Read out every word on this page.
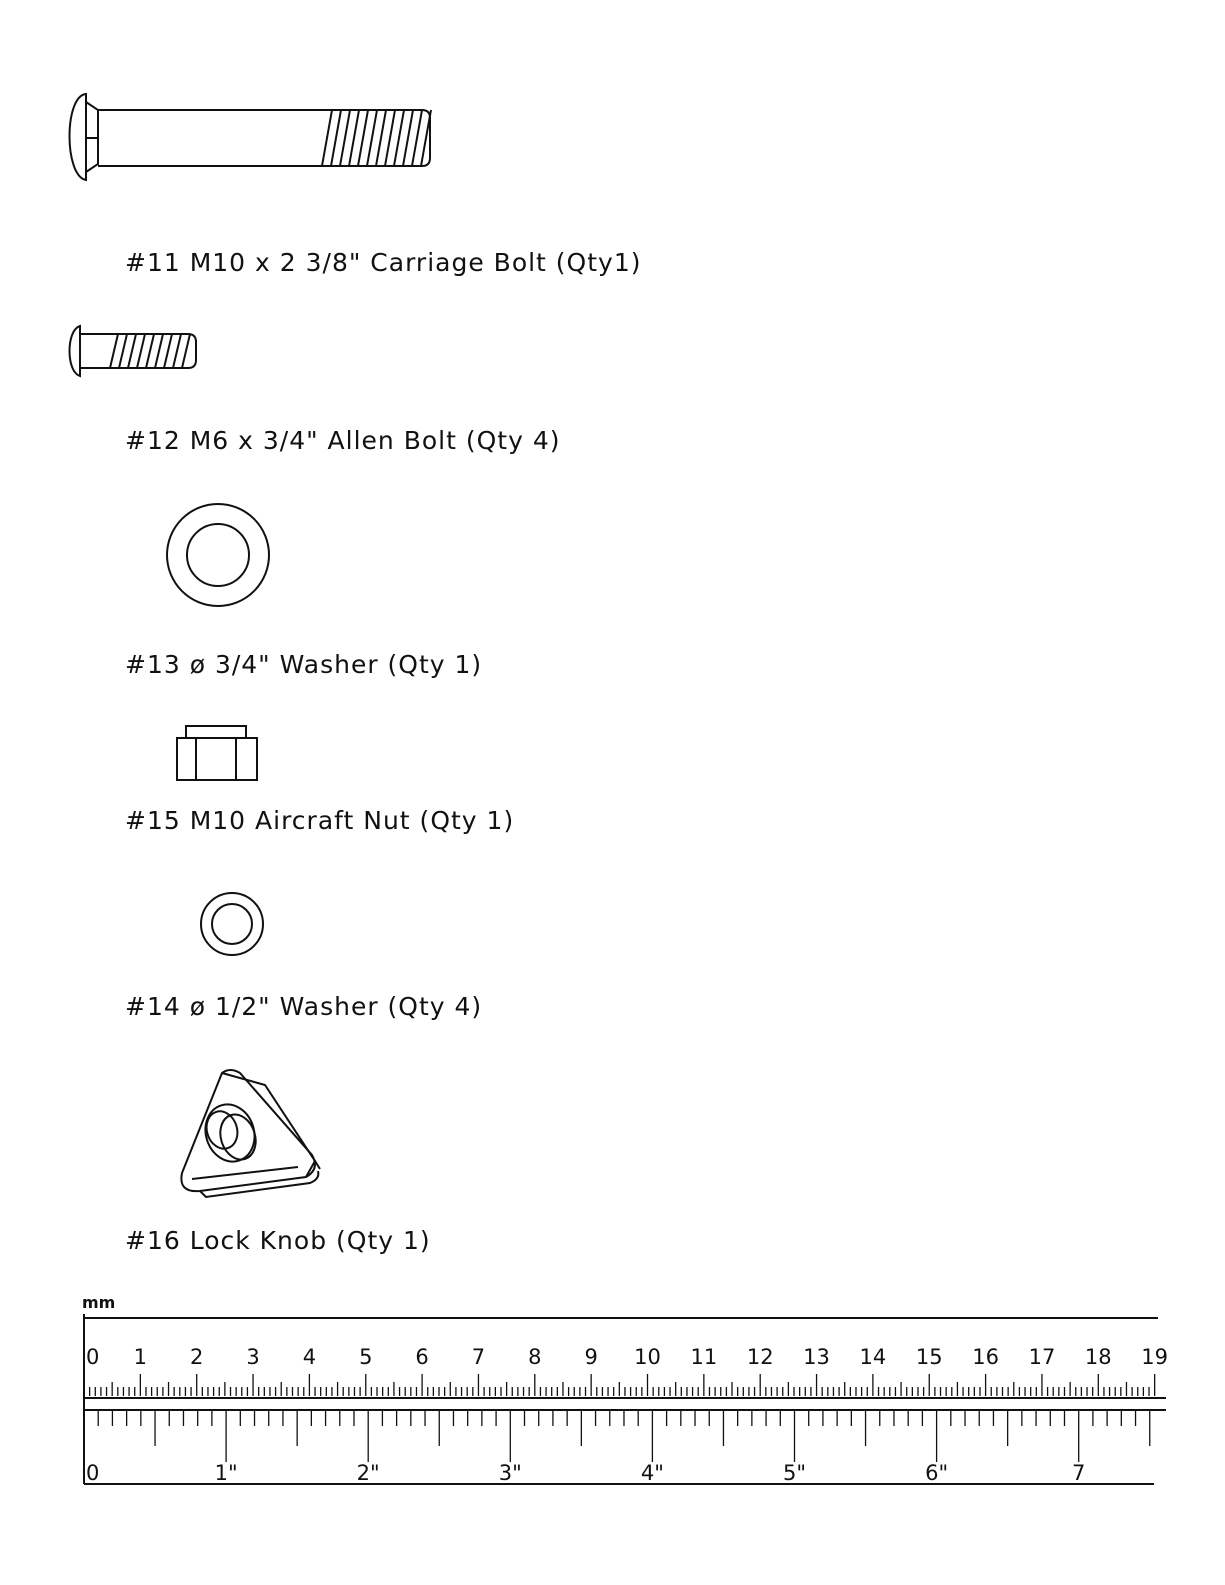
#11 M10 x 2 3/8" Carriage Bolt (Qty1)
#12 M6 x 3/4" Allen Bolt (Qty 4)
#13 ø 3/4" Washer (Qty 1)
#15 M10 Aircraft Nut (Qty 1)
#14 ø 1/2" Washer (Qty 4)
#16 Lock Knob (Qty 1)
mm
0 1 2 3 4 5 6 7 8 9 10 11 12 13 14 15 16 17 18 19
0	1"	2"	3"	4"	5"	6"	7
